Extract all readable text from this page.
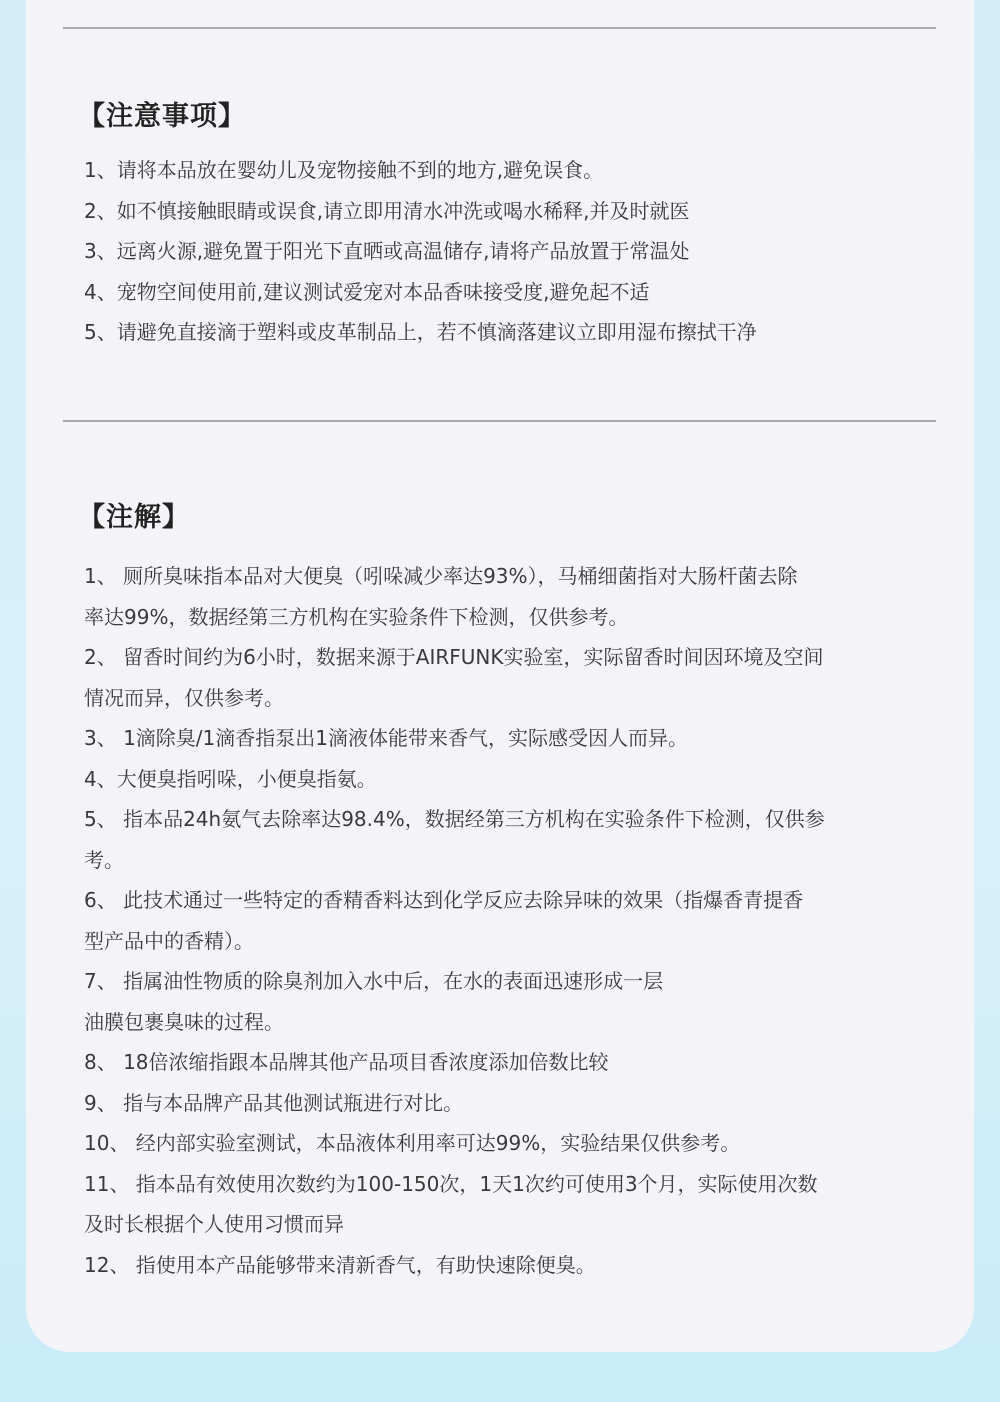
【注意事项】
1、请将本品放在婴幼儿及宠物接触不到的地方,避免误食。
2、如不慎接触眼睛或误食,请立即用清水冲洗或喝水稀释,并及时就医
3、远离火源,避免置于阳光下直晒或高温储存,请将产品放置于常温处
4、宠物空间使用前,建议测试爱宠对本品香味接受度,避免起不适
5、请避免直接滴于塑料或皮革制品上，若不慎滴落建议立即用湿布擦拭干净
【注解】
1、 厕所臭味指本品对大便臭（吲哚减少率达93%），马桶细菌指对大肠杆菌去除
率达99%，数据经第三方机构在实验条件下检测，仅供参考。
2、 留香时间约为6小时，数据来源于AIRFUNK实验室，实际留香时间因环境及空间
情况而异，仅供参考。
3、 1滴除臭/1滴香指泵出1滴液体能带来香气，实际感受因人而异。
4、大便臭指吲哚，小便臭指氨。
5、 指本品24h氨气去除率达98.4%，数据经第三方机构在实验条件下检测，仅供参
考。
6、 此技术通过一些特定的香精香料达到化学反应去除异味的效果（指爆香青提香
型产品中的香精）。
7、 指属油性物质的除臭剂加入水中后，在水的表面迅速形成一层
油膜包裹臭味的过程。
8、 18倍浓缩指跟本品牌其他产品项目香浓度添加倍数比较
9、 指与本品牌产品其他测试瓶进行对比。
10、 经内部实验室测试，本品液体利用率可达99%，实验结果仅供参考。
11、 指本品有效使用次数约为100-150次，1天1次约可使用3个月，实际使用次数
及时长根据个人使用习惯而异
12、 指使用本产品能够带来清新香气，有助快速除便臭。
